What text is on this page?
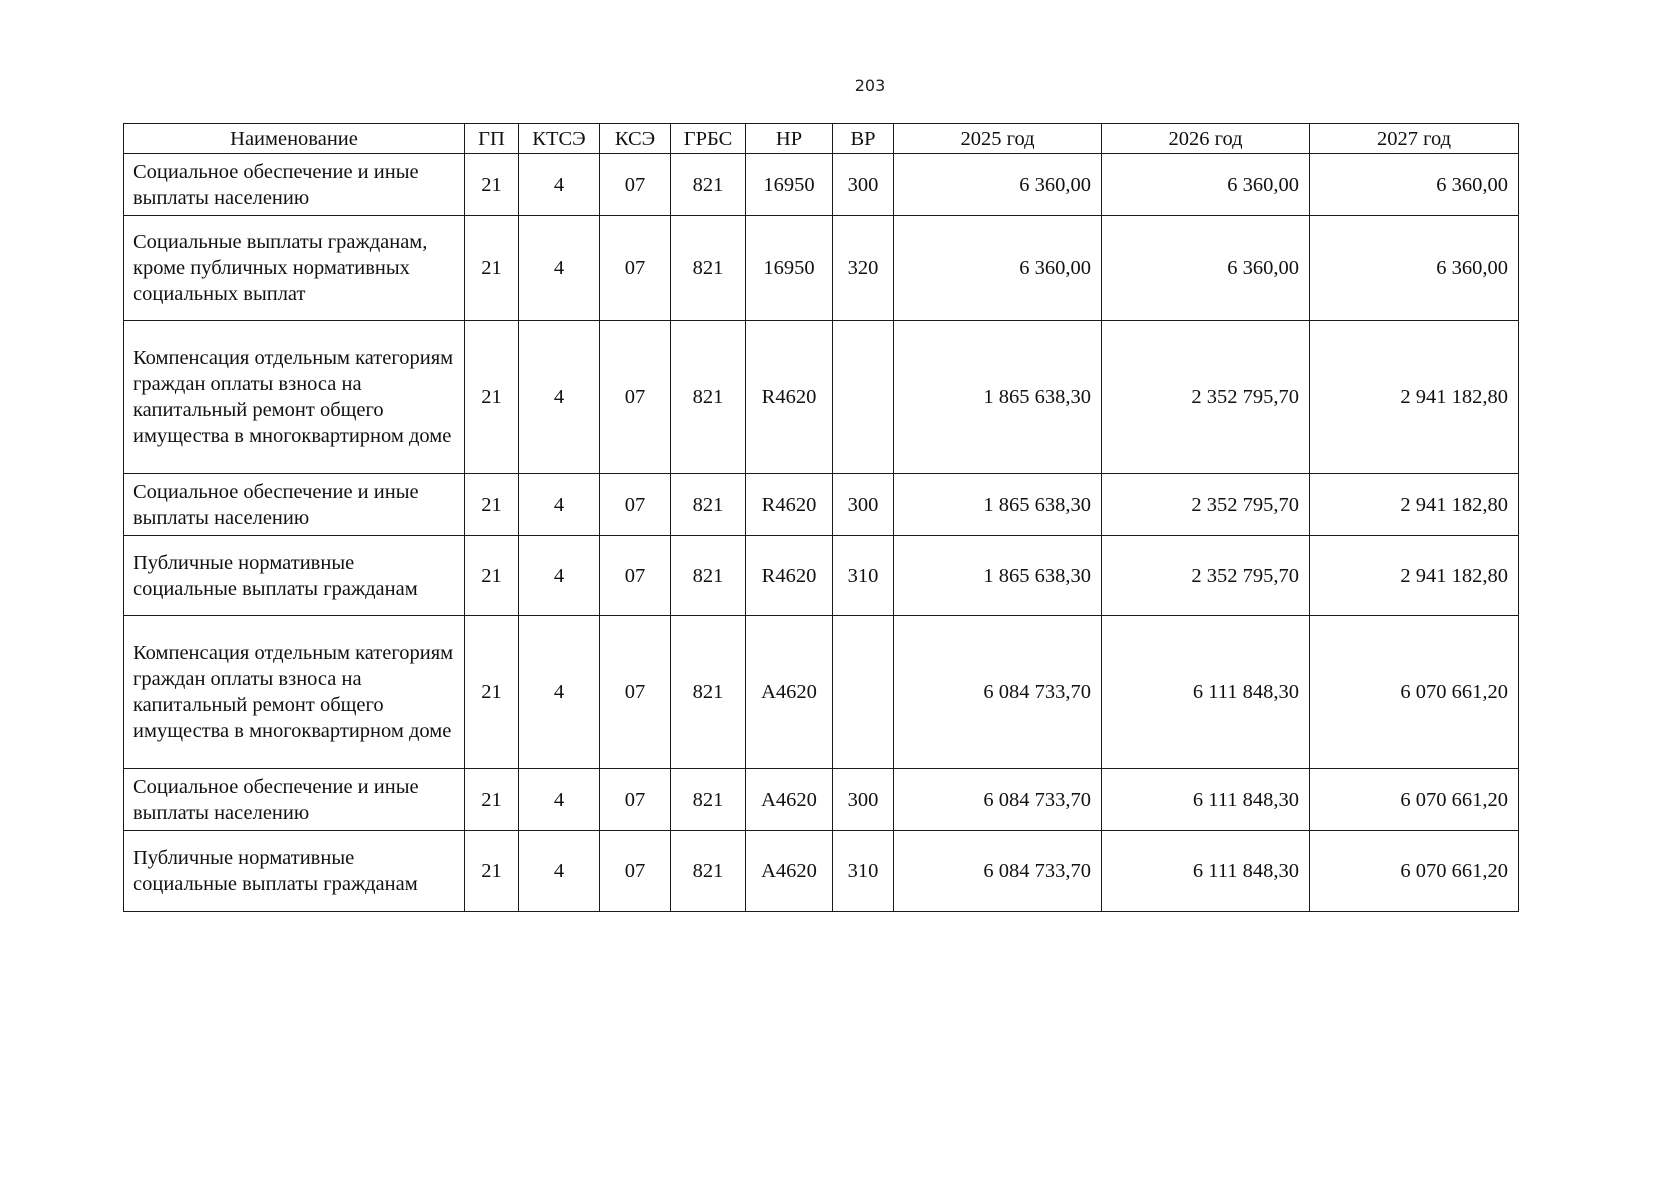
203
Наименование	ГП	КТСЭ	КСЭ	ГРБС	НР	ВР	2025 год	2026 год	2027 год
Социальное обеспечение и иные выплаты населению	21	4	07	821	16950	300	6 360,00	6 360,00	6 360,00
Социальные выплаты гражданам, кроме публичных нормативных социальных выплат	21	4	07	821	16950	320	6 360,00	6 360,00	6 360,00
Компенсация отдельным категориям граждан оплаты взноса на капитальный ремонт общего имущества в многоквартирном доме	21	4	07	821	R4620		1 865 638,30	2 352 795,70	2 941 182,80
Социальное обеспечение и иные выплаты населению	21	4	07	821	R4620	300	1 865 638,30	2 352 795,70	2 941 182,80
Публичные нормативные социальные выплаты гражданам	21	4	07	821	R4620	310	1 865 638,30	2 352 795,70	2 941 182,80
Компенсация отдельным категориям граждан оплаты взноса на капитальный ремонт общего имущества в многоквартирном доме	21	4	07	821	А4620		6 084 733,70	6 111 848,30	6 070 661,20
Социальное обеспечение и иные выплаты населению	21	4	07	821	А4620	300	6 084 733,70	6 111 848,30	6 070 661,20
Публичные нормативные социальные выплаты гражданам	21	4	07	821	А4620	310	6 084 733,70	6 111 848,30	6 070 661,20
